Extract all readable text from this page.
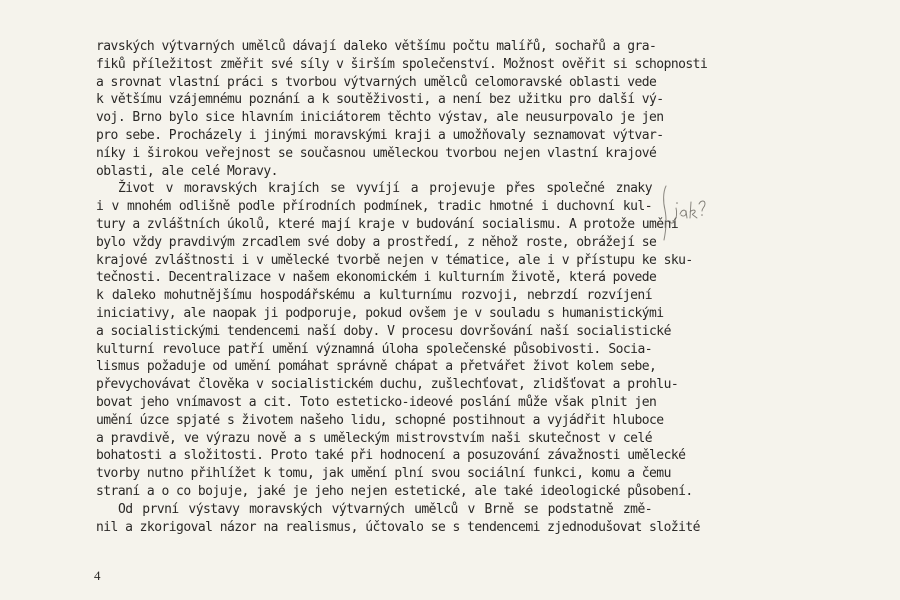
ravských výtvarných umělců dávají daleko většímu počtu malířů, sochařů a gra-
fiků příležitost změřit své síly v širším společenství. Možnost ověřit si schopnosti
a srovnat vlastní práci s tvorbou výtvarných umělců celomoravské oblasti vede
k většímu vzájemnému poznání a k soutěživosti, a není bez užitku pro další vý-
voj. Brno bylo sice hlavním iniciátorem těchto výstav, ale neusurpovalo je jen
pro sebe. Procházely i jinými moravskými kraji a umožňovaly seznamovat výtvar-
níky i širokou veřejnost se současnou uměleckou tvorbou nejen vlastní krajové
oblasti, ale celé Moravy.

Život v moravských krajích se vyvíjí a projevuje přes společné znaky
i v mnohém odlišně podle přírodních podmínek, tradic hmotné i duchovní kul-
tury a zvláštních úkolů, které mají kraje v budování socialismu. A protože umění
bylo vždy pravdivým zrcadlem své doby a prostředí, z něhož roste, obrážejí se
krajové zvláštnosti i v umělecké tvorbě nejen v tématice, ale i v přístupu ke sku-
tečnosti. Decentralizace v našem ekonomickém i kulturním životě, která povede
k daleko mohutnějšímu hospodářskému a kulturnímu rozvoji, nebrzdí rozvíjení
iniciativy, ale naopak ji podporuje, pokud ovšem je v souladu s humanistickými
a socialistickými tendencemi naší doby. V procesu dovršování naší socialistické
kulturní revoluce patří umění významná úloha společenské působivosti. Socia-
lismus požaduje od umění pomáhat správně chápat a přetvářet život kolem sebe,
převychovávat člověka v socialistickém duchu, zušlechťovat, zlidšťovat a prohlu-
bovat jeho vnímavost a cit. Toto esteticko-ideové poslání může však plnit jen
umění úzce spjaté s životem našeho lidu, schopné postihnout a vyjádřit hluboce
a pravdivě, ve výrazu nově a s uměleckým mistrovstvím naši skutečnost v celé
bohatosti a složitosti. Proto také při hodnocení a posuzování závažnosti umělecké
tvorby nutno přihlížet k tomu, jak umění plní svou sociální funkci, komu a čemu
straní a o co bojuje, jaké je jeho nejen estetické, ale také ideologické působení.

Od první výstavy moravských výtvarných umělců v Brně se podstatně změ-
nil a zkorigoval názor na realismus, účtovalo se s tendencemi zjednodušovat složité

4
